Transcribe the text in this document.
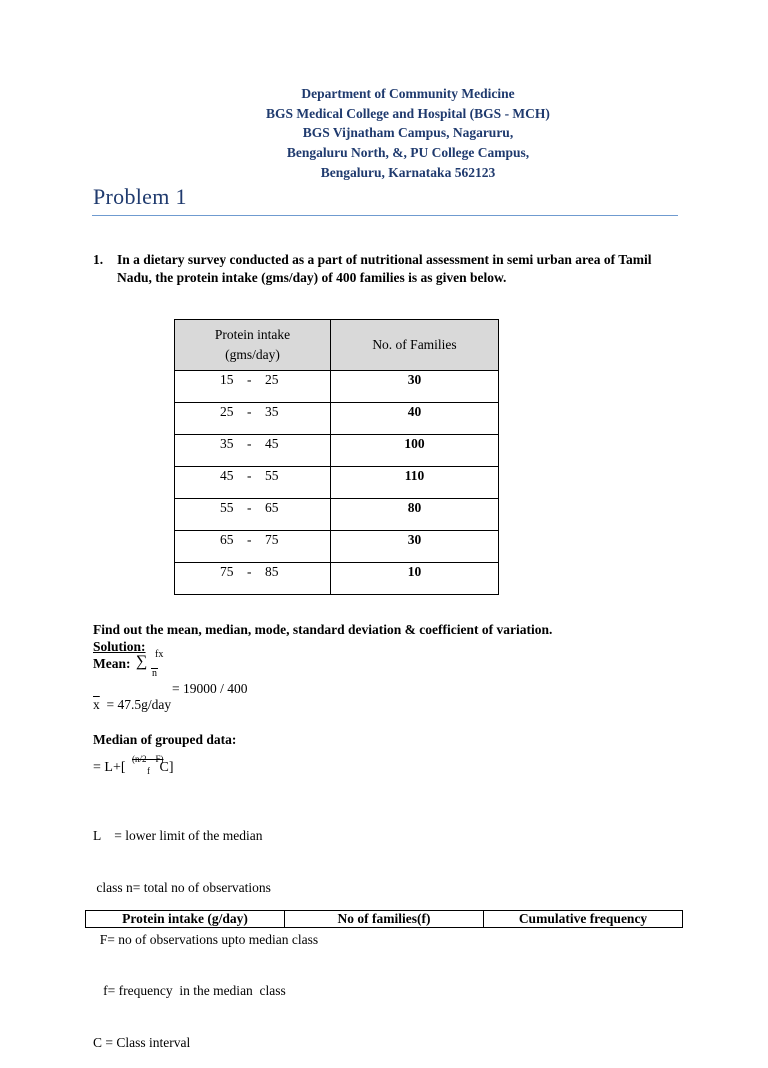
Department of Community Medicine
BGS Medical College and Hospital (BGS - MCH)
BGS Vijnatham Campus, Nagaruru,
Bengaluru North, &, PU College Campus,
Bengaluru, Karnataka 562123
Problem 1
1. In a dietary survey conducted as a part of nutritional assessment in semi urban area of Tamil Nadu, the protein intake (gms/day) of 400 families is as given below.
Protein intake
(gms/day)	No. of Families
15 - 25	30
25 - 35	40
35 - 45	100
45 - 55	110
55 - 65	80
65 - 75	30
75 - 85	10
Find out the mean, median, mode, standard deviation & coefficient of variation.
Solution:
Mean: ∑ fx
n
= 19000 / 400
$\overline{x} = 47.5g/day$
Median of grouped data:
= L+[ C]
(n/2 – F)
f

L    = lower limit of the median

class n= total no of observations

F= no of observations upto median class

f= frequency  in the median  class

C = Class interval

Protein intake (g/day)	No of families(f)	Cumulative frequency
